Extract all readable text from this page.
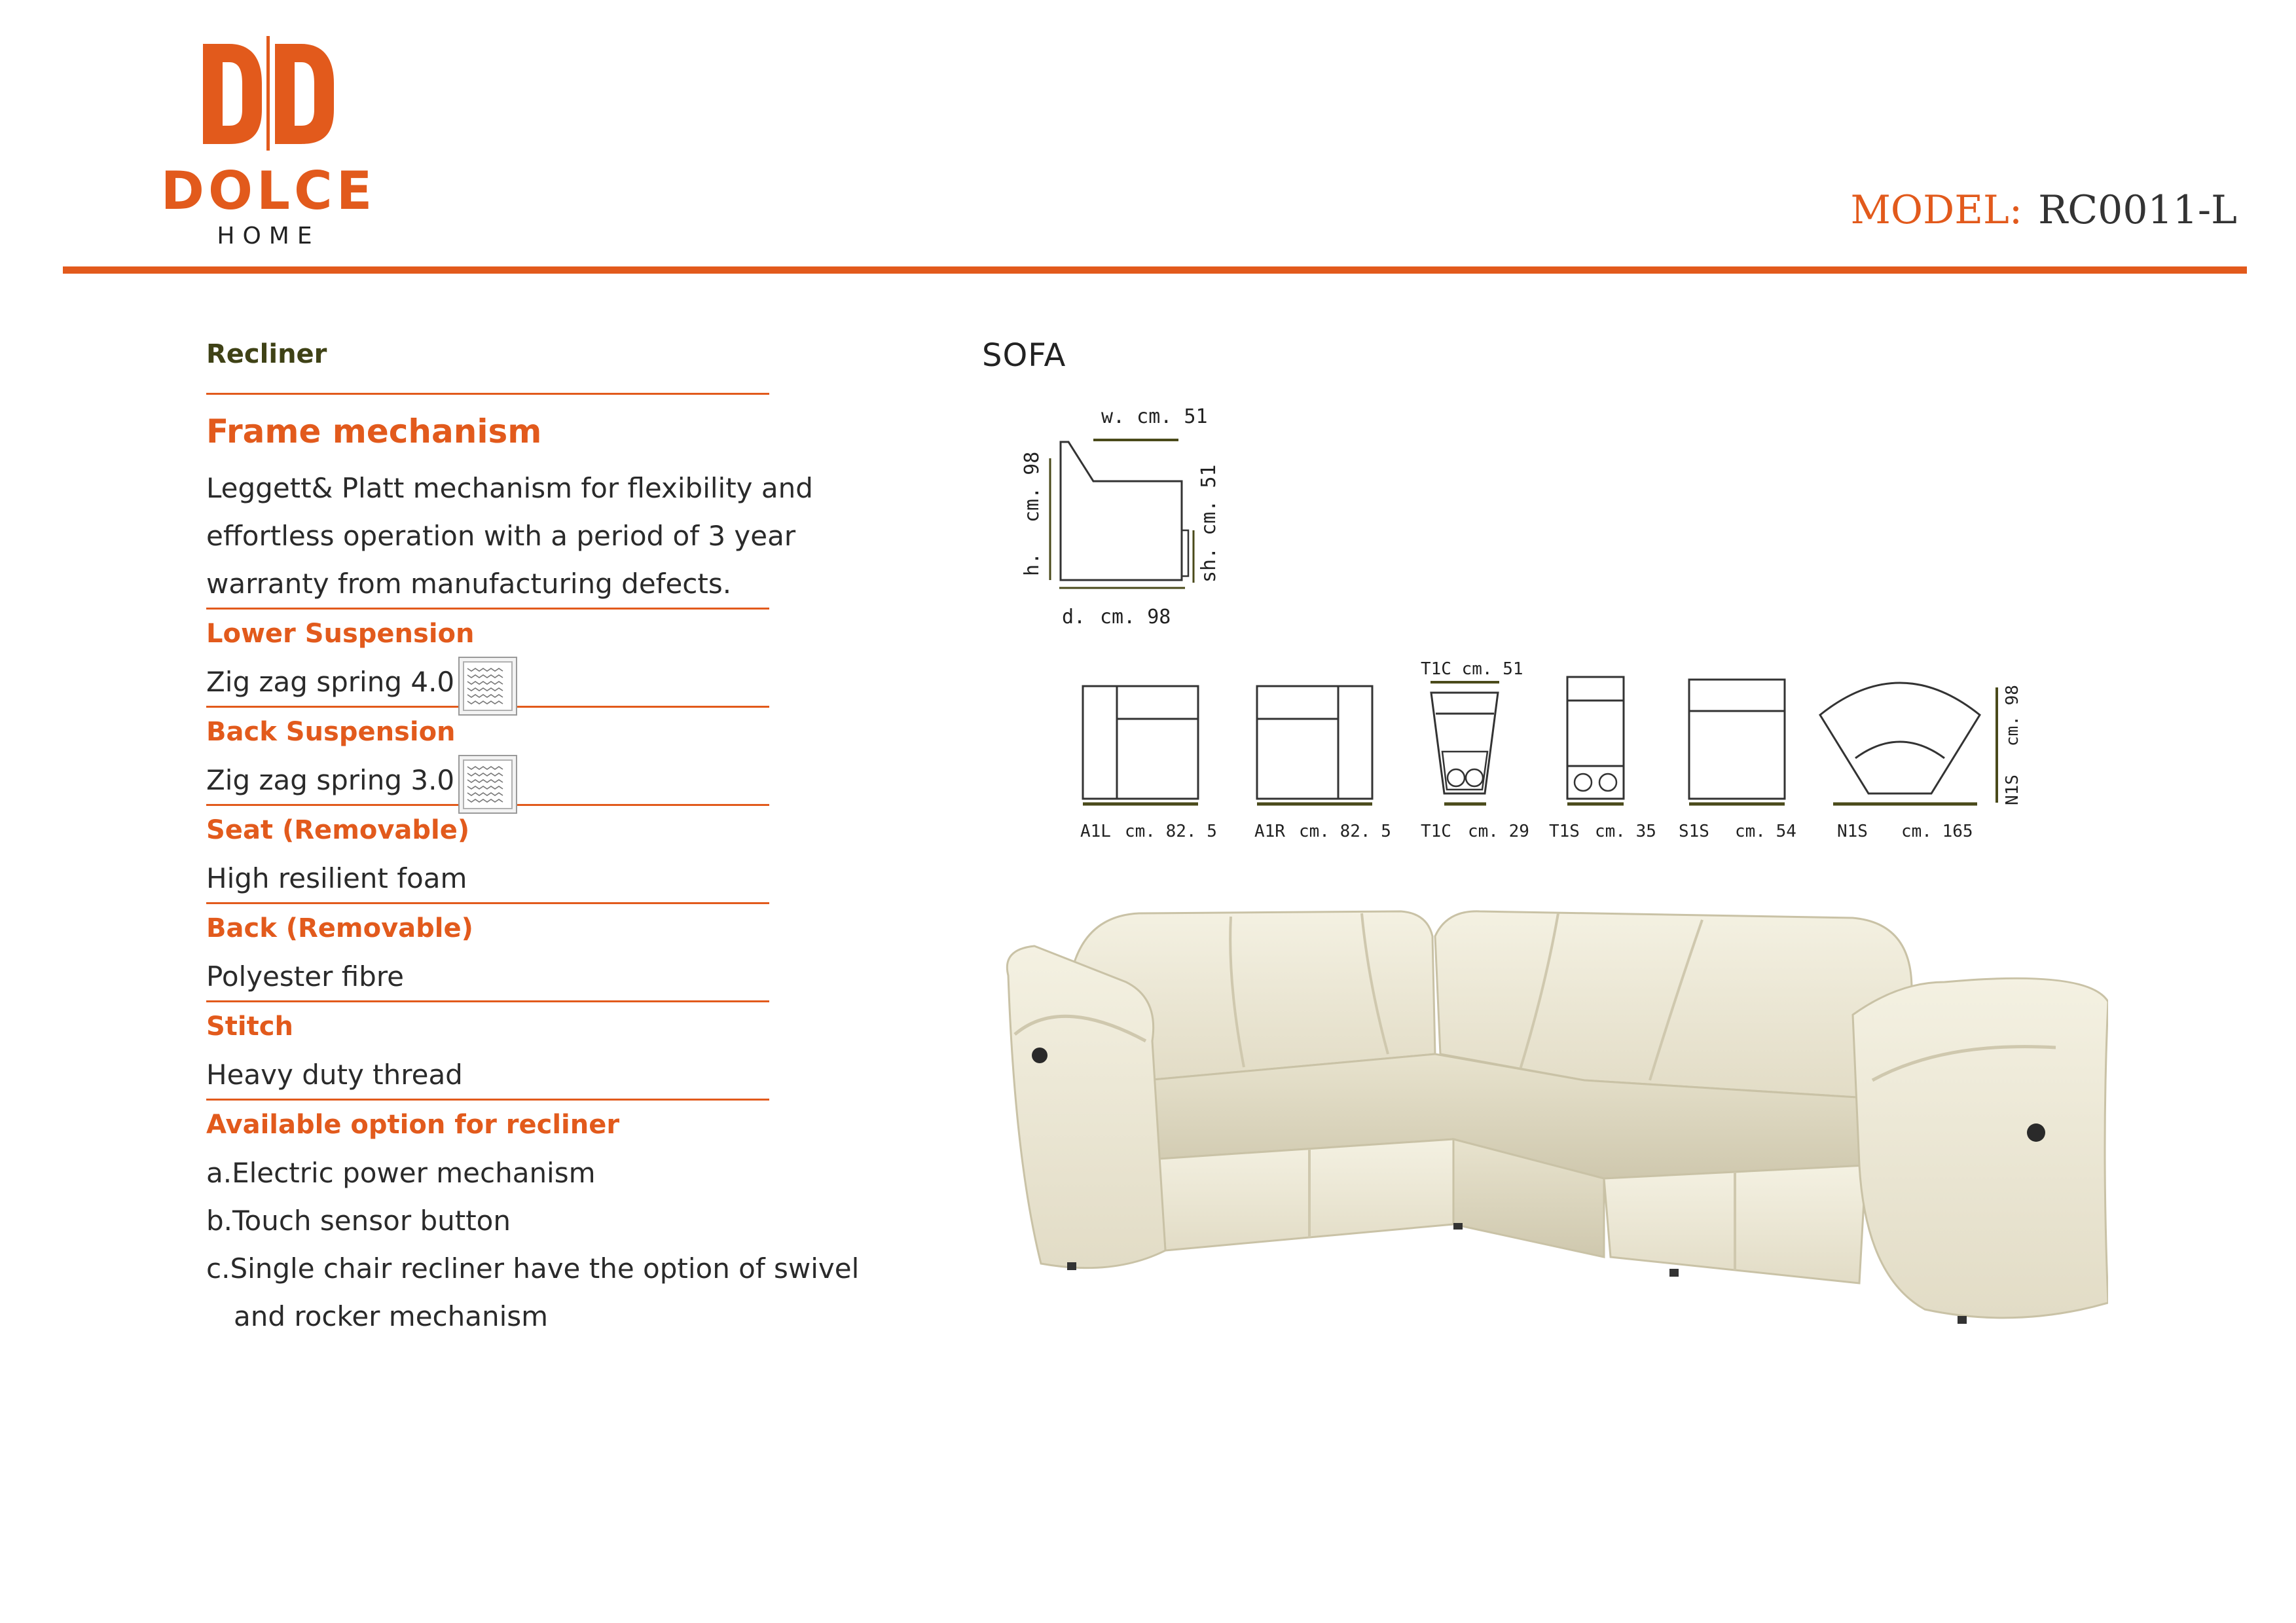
DOLCE
HOME
MODEL: RC0011-L
Recliner
Frame mechanism
Leggett& Platt mechanism for flexibility and
effortless operation with a period of 3 year
warranty from manufacturing defects.
Lower Suspension
Zig zag spring 4.0
Back Suspension
Zig zag spring 3.0
Seat (Removable)
High resilient foam
Back (Removable)
Polyester fibre
Stitch
Heavy duty thread
Available option for recliner
a.Electric power mechanism
b.Touch sensor button
c.Single chair recliner have the option of swivel
and rocker mechanism
SOFA
w. cm. 51
h.
cm. 98	sh. cm. 51
d. cm. 98
A1L cm. 82. 5 A1R cm. 82. 5
T1C cm. 51
T1C cm. 29 T1S cm. 35 S1S cm. 54
cm. 98
N1S
N1S cm. 165
